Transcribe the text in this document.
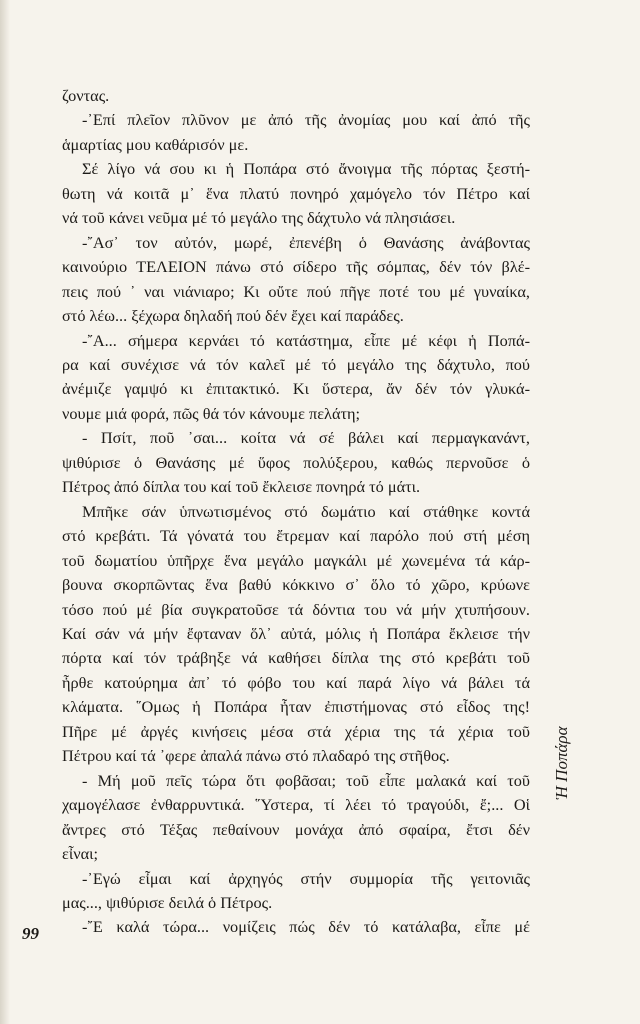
ζοντας.
-᾿Επί πλεῖον πλῦνον με ἀπό τῆς ἀνομίας μου καί ἀπό τῆς
ἁμαρτίας μου καθάρισόν με.
Σέ λίγο νά σου κι ἡ Ποπάρα στό ἄνοιγμα τῆς πόρτας ξεστή-
θωτη νά κοιτᾶ μ᾿ ἕνα πλατύ πονηρό χαμόγελο τόν Πέτρο καί
νά τοῦ κάνει νεῦμα μέ τό μεγάλο της δάχτυλο νά πλησιάσει.
-῎Ασ᾿ τον αὐτόν, μωρέ, ἐπενέβη ὁ Θανάσης ἀνάβοντας
καινούριο ΤΕΛΕΙΟΝ πάνω στό σίδερο τῆς σόμπας, δέν τόν βλέ-
πεις πού ᾿ ναι νιάνιαρο; Κι οὔτε πού πῆγε ποτέ του μέ γυναίκα,
στό λέω... ξέχωρα δηλαδή πού δέν ἔχει καί παράδες.
-῎Α... σήμερα κερνάει τό κατάστημα, εἶπε μέ κέφι ἡ Ποπά-
ρα καί συνέχισε νά τόν καλεῖ μέ τό μεγάλο της δάχτυλο, πού
ἀνέμιζε γαμψό κι ἐπιτακτικό. Κι ὕστερα, ἄν δέν τόν γλυκά-
νουμε μιά φορά, πῶς θά τόν κάνουμε πελάτη;
- Πσίτ, ποῦ ᾿σαι... κοίτα νά σέ βάλει καί περμαγκανάντ,
ψιθύρισε ὁ Θανάσης μέ ὕφος πολύξερου, καθώς περνοῦσε ὁ
Πέτρος ἀπό δίπλα του καί τοῦ ἔκλεισε πονηρά τό μάτι.
Μπῆκε σάν ὑπνωτισμένος στό δωμάτιο καί στάθηκε κοντά
στό κρεβάτι. Τά γόνατά του ἔτρεμαν καί παρόλο πού στή μέση
τοῦ δωματίου ὑπῆρχε ἕνα μεγάλο μαγκάλι μέ χωνεμένα τά κάρ-
βουνα σκορπῶντας ἕνα βαθύ κόκκινο σ᾿ ὅλο τό χῶρο, κρύωνε
τόσο πού μέ βία συγκρατοῦσε τά δόντια του νά μήν χτυπήσουν.
Καί σάν νά μήν ἔφταναν ὅλ᾿ αὐτά, μόλις ἡ Ποπάρα ἔκλεισε τήν
πόρτα καί τόν τράβηξε νά καθήσει δίπλα της στό κρεβάτι τοῦ
ἦρθε κατούρημα ἀπ᾿ τό φόβο του καί παρά λίγο νά βάλει τά
κλάματα. ῞Ομως ἡ Ποπάρα ἦταν ἐπιστήμονας στό εἶδος της!
Πῆρε μέ ἀργές κινήσεις μέσα στά χέρια της τά χέρια τοῦ
Πέτρου καί τά ᾿φερε ἀπαλά πάνω στό πλαδαρό της στῆθος.
- Μή μοῦ πεῖς τώρα ὅτι φοβᾶσαι; τοῦ εἶπε μαλακά καί τοῦ
χαμογέλασε ἐνθαρρυντικά. ῞Υστερα, τί λέει τό τραγούδι, ἔ;... Οἱ
ἄντρες στό Τέξας πεθαίνουν μονάχα ἀπό σφαίρα, ἔτσι δέν
εἶναι;
-᾿Εγώ εἶμαι καί ἀρχηγός στήν συμμορία τῆς γειτονιᾶς
μας..., ψιθύρισε δειλά ὁ Πέτρος.
-῎Ε καλά τώρα... νομίζεις πώς δέν τό κατάλαβα, εἶπε μέ
99
Ἡ Ποπάρα
